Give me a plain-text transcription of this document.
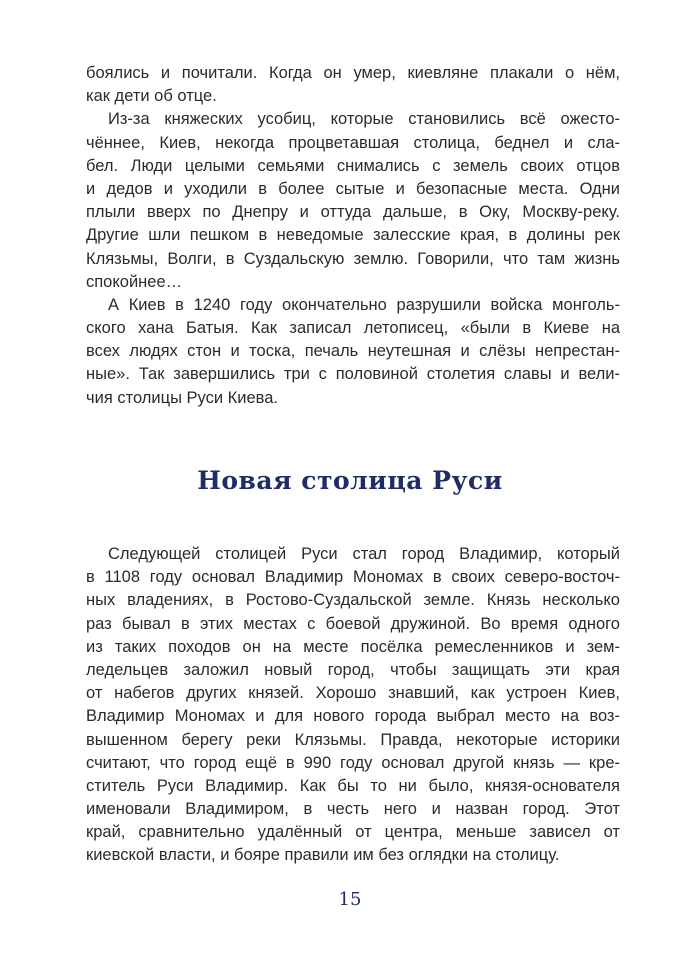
боялись и почитали. Когда он умер, киевляне плакали о нём,
как дети об отце.
Из-за княжеских усобиц, которые становились всё ожесто-
чённее, Киев, некогда процветавшая столица, беднел и сла-
бел. Люди целыми семьями снимались с земель своих отцов
и дедов и уходили в более сытые и безопасные места. Одни
плыли вверх по Днепру и оттуда дальше, в Оку, Москву-реку.
Другие шли пешком в неведомые залесские края, в долины рек
Клязьмы, Волги, в Суздальскую землю. Говорили, что там жизнь
спокойнее…
А Киев в 1240 году окончательно разрушили войска монголь-
ского хана Батыя. Как записал летописец, «были в Киеве на
всех людях стон и тоска, печаль неутешная и слёзы непрестан-
ные». Так завершились три с половиной столетия славы и вели-
чия столицы Руси Киева.
Новая столица Руси
Следующей столицей Руси стал город Владимир, который
в 1108 году основал Владимир Мономах в своих северо-восточ-
ных владениях, в Ростово-Суздальской земле. Князь несколько
раз бывал в этих местах с боевой дружиной. Во время одного
из таких походов он на месте посёлка ремесленников и зем-
ледельцев заложил новый город, чтобы защищать эти края
от набегов других князей. Хорошо знавший, как устроен Киев,
Владимир Мономах и для нового города выбрал место на воз-
вышенном берегу реки Клязьмы. Правда, некоторые историки
считают, что город ещё в 990 году основал другой князь — кре-
ститель Руси Владимир. Как бы то ни было, князя-основателя
именовали Владимиром, в честь него и назван город. Этот
край, сравнительно удалённый от центра, меньше зависел от
киевской власти, и бояре правили им без оглядки на столицу.
15
